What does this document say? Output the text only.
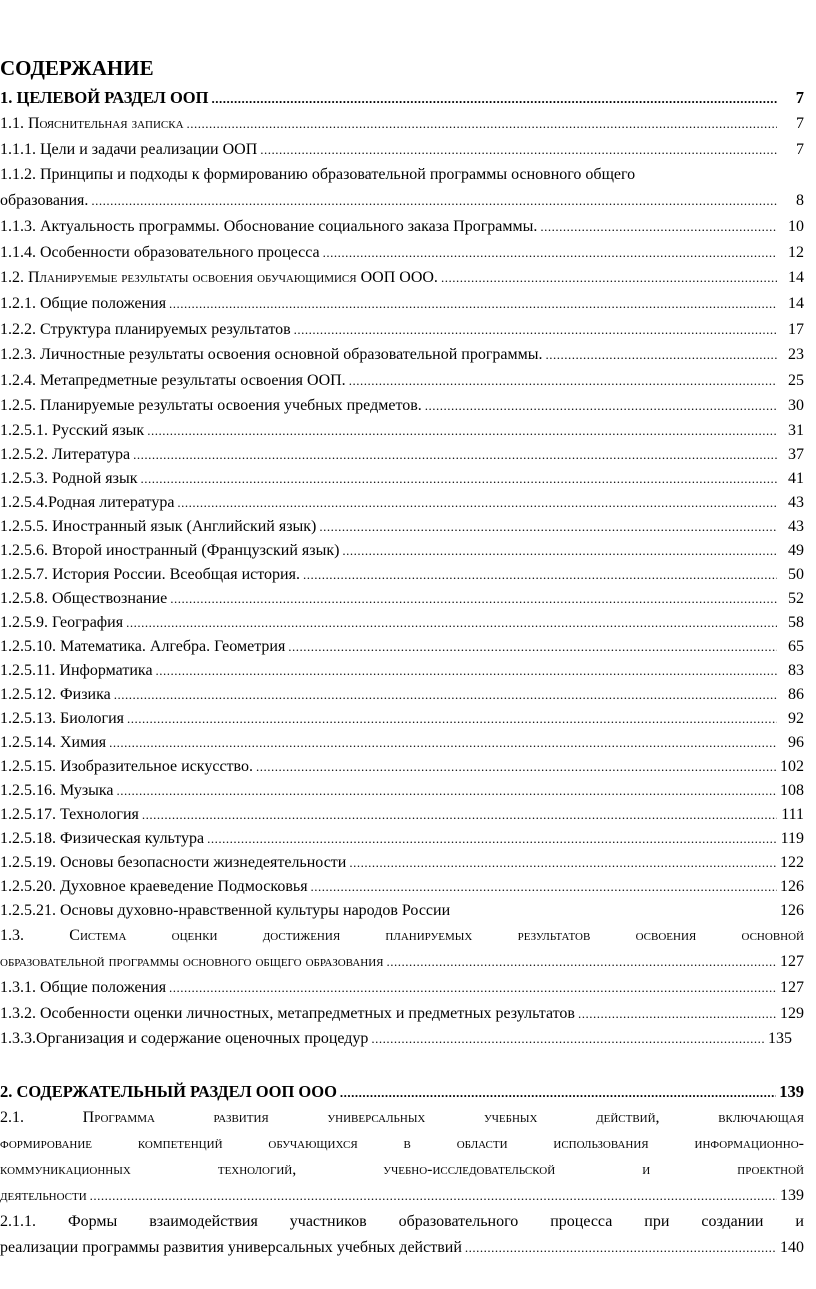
СОДЕРЖАНИЕ
1. ЦЕЛЕВОЙ РАЗДЕЛ ООП .....	7
1.1. Пояснительная записка .....	7
1.1.1. Цели и задачи реализации ООП .....	7
1.1.2. Принципы и подходы к формированию образовательной программы основного общего
образования. .....	8
1.1.3. Актуальность программы. Обоснование социального заказа Программы. .....	10
1.1.4. Особенности образовательного процесса .....	12
1.2. Планируемые результаты освоения обучающимися ООП ООО. .....	14
1.2.1. Общие положения .....	14
1.2.2. Структура планируемых результатов .....	17
1.2.3. Личностные результаты освоения основной образовательной программы. .....	23
1.2.4. Метапредметные результаты освоения ООП. .....	25
1.2.5. Планируемые результаты освоения учебных предметов. .....	30
1.2.5.1. Русский язык .....	31
1.2.5.2. Литература .....	37
1.2.5.3. Родной язык .....	41
1.2.5.4.Родная литература .....	43
1.2.5.5. Иностранный язык (Английский язык) .....	43
1.2.5.6. Второй иностранный (Французский язык) .....	49
1.2.5.7. История России. Всеобщая история. .....	50
1.2.5.8. Обществознание .....	52
1.2.5.9. География .....	58
1.2.5.10. Математика. Алгебра. Геометрия .....	65
1.2.5.11. Информатика .....	83
1.2.5.12. Физика .....	86
1.2.5.13. Биология .....	92
1.2.5.14. Химия .....	96
1.2.5.15. Изобразительное искусство. .....	102
1.2.5.16. Музыка .....	108
1.2.5.17. Технология .....	111
1.2.5.18. Физическая культура .....	119
1.2.5.19. Основы безопасности жизнедеятельности .....	122
1.2.5.20. Духовное краеведение Подмосковья .....	126
1.2.5.21. Основы духовно-нравственной культуры народов России	126
1.3. Система оценки достижения планируемых результатов освоения основной
образовательной программы основного общего образования .....	127
1.3.1. Общие положения .....	127
1.3.2. Особенности оценки личностных, метапредметных и предметных результатов .....	129
1.3.3.Организация и содержание оценочных процедур .....	135
2. СОДЕРЖАТЕЛЬНЫЙ РАЗДЕЛ ООП ООО .....	139
2.1. Программа развития универсальных учебных действий, включающая
формирование компетенций обучающихся в области использования информационно-
коммуникационных технологий, учебно-исследовательской и проектной
деятельности .....	139
2.1.1. Формы взаимодействия участников образовательного процесса при создании и
реализации программы развития универсальных учебных действий .....	140
